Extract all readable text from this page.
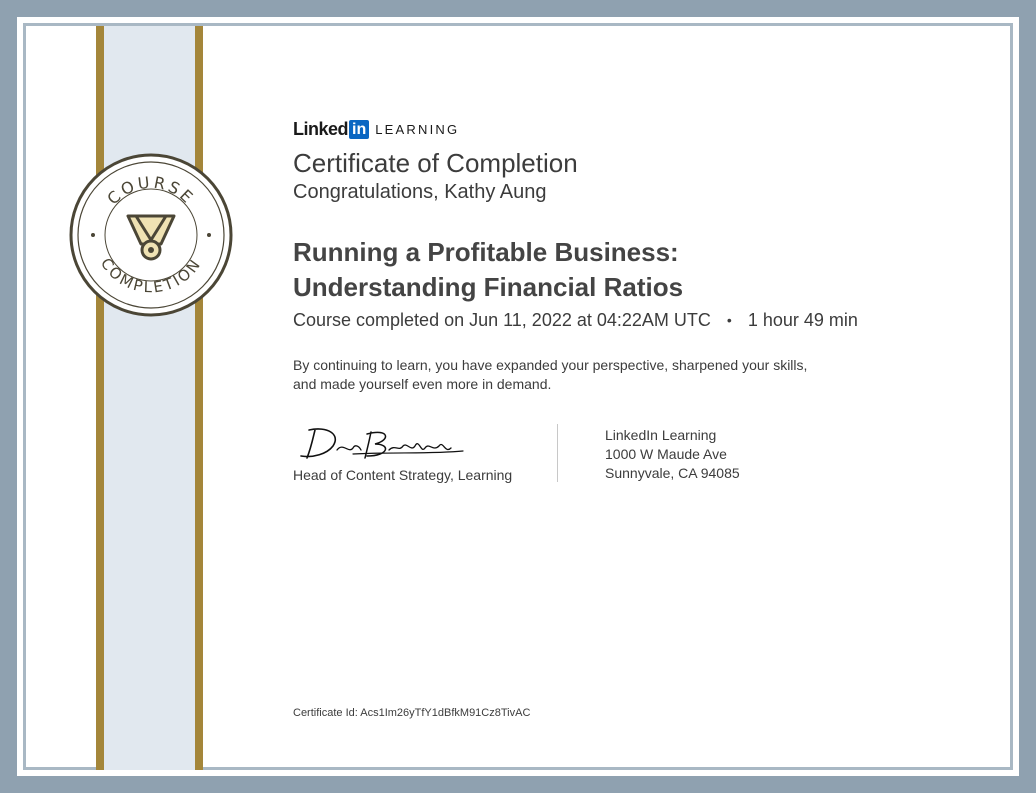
COURSE
COMPLETION
Linked in LEARNING
Certificate of Completion
Congratulations, Kathy Aung
Running a Profitable Business: Understanding Financial Ratios
Course completed on Jun 11, 2022 at 04:22AM UTC • 1 hour 49 min
By continuing to learn, you have expanded your perspective, sharpened your skills, and made yourself even more in demand.
Head of Content Strategy, Learning
LinkedIn Learning
1000 W Maude Ave
Sunnyvale, CA 94085
Certificate Id: Acs1Im26yTfY1dBfkM91Cz8TivAC
